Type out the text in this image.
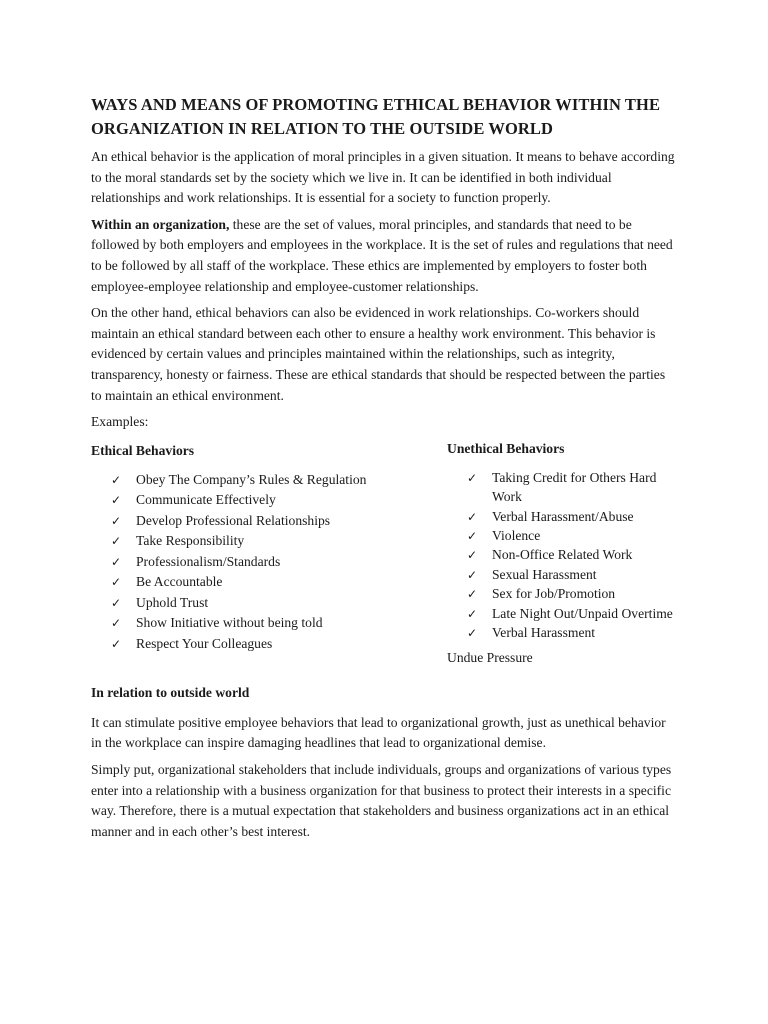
WAYS AND MEANS OF PROMOTING ETHICAL BEHAVIOR WITHIN THE ORGANIZATION IN RELATION TO THE OUTSIDE WORLD

An ethical behavior is the application of moral principles in a given situation. It means to behave according to the moral standards set by the society which we live in. It can be identified in both individual relationships and work relationships. It is essential for a society to function properly.

Within an organization, these are the set of values, moral principles, and standards that need to be followed by both employers and employees in the workplace. It is the set of rules and regulations that need to be followed by all staff of the workplace. These ethics are implemented by employers to foster both employee-employee relationship and employee-customer relationships.

On the other hand, ethical behaviors can also be evidenced in work relationships. Co-workers should maintain an ethical standard between each other to ensure a healthy work environment. This behavior is evidenced by certain values and principles maintained within the relationships, such as integrity, transparency, honesty or fairness. These are ethical standards that should be respected between the parties to maintain an ethical environment.

Examples:

Ethical Behaviors
✓ Obey The Company’s Rules & Regulation
✓ Communicate Effectively
✓ Develop Professional Relationships
✓ Take Responsibility
✓ Professionalism/Standards
✓ Be Accountable
✓ Uphold Trust
✓ Show Initiative without being told
✓ Respect Your Colleagues
Unethical Behaviors
✓ Taking Credit for Others Hard Work
✓ Verbal Harassment/Abuse
✓ Violence
✓ Non-Office Related Work
✓ Sexual Harassment
✓ Sex for Job/Promotion
✓ Late Night Out/Unpaid Overtime
✓ Verbal Harassment
Undue Pressure
In relation to outside world

It can stimulate positive employee behaviors that lead to organizational growth, just as unethical behavior in the workplace can inspire damaging headlines that lead to organizational demise.

Simply put, organizational stakeholders that include individuals, groups and organizations of various types enter into a relationship with a business organization for that business to protect their interests in a specific way. Therefore, there is a mutual expectation that stakeholders and business organizations act in an ethical manner and in each other’s best interest.
